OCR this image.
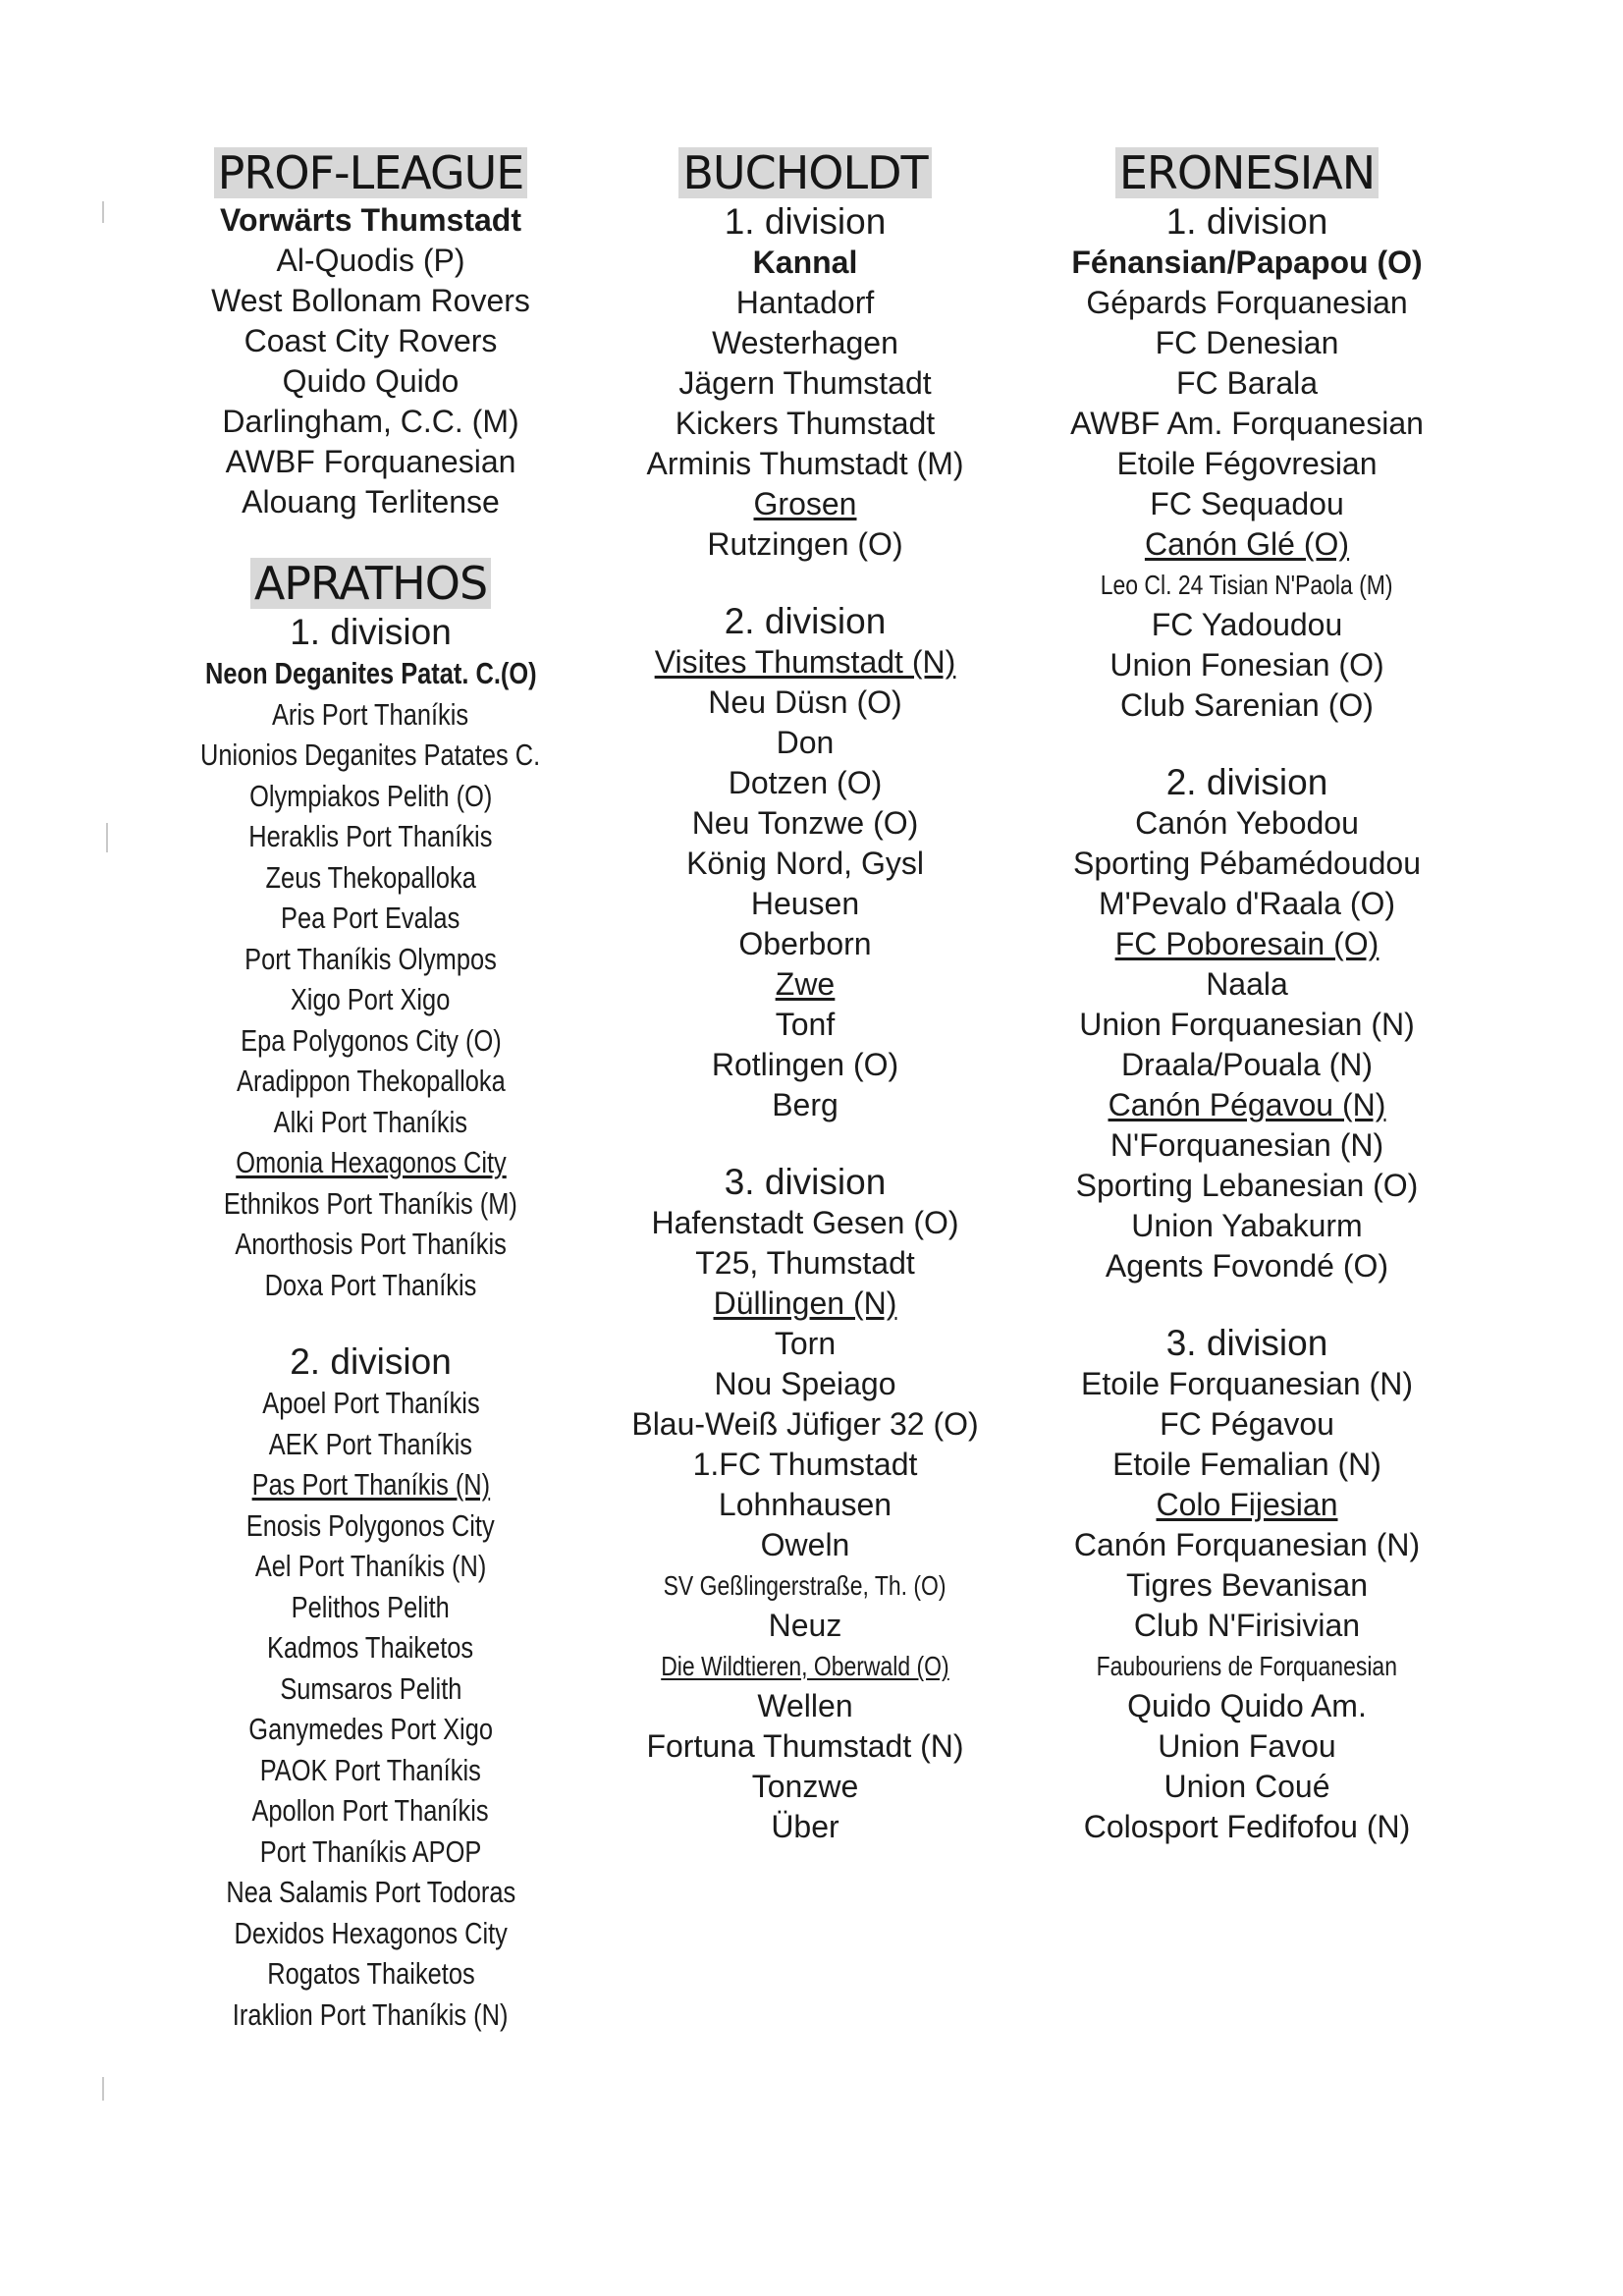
PROF-LEAGUE
Vorwärts Thumstadt
Al-Quodis (P)
West Bollonam Rovers
Coast City Rovers
Quido Quido
Darlingham, C.C. (M)
AWBF Forquanesian
Alouang Terlitense
APRATHOS
1. division
Neon Deganites Patat. C.(O)
Aris Port Thaníkis
Unionios Deganites Patates C.
Olympiakos Pelith (O)
Heraklis Port Thaníkis
Zeus Thekopalloka
Pea Port Evalas
Port Thaníkis Olympos
Xigo Port Xigo
Epa Polygonos City (O)
Aradippon Thekopalloka
Alki Port Thaníkis
Omonia Hexagonos City
Ethnikos Port Thaníkis (M)
Anorthosis Port Thaníkis
Doxa Port Thaníkis
2. division
Apoel Port Thaníkis
AEK Port Thaníkis
Pas Port Thaníkis (N)
Enosis Polygonos City
Ael Port Thaníkis (N)
Pelithos Pelith
Kadmos Thaiketos
Sumsaros Pelith
Ganymedes Port Xigo
PAOK Port Thaníkis
Apollon Port Thaníkis
Port Thaníkis APOP
Nea Salamis Port Todoras
Dexidos Hexagonos City
Rogatos Thaiketos
Iraklion Port Thaníkis (N)
BUCHOLDT
1. division
Kannal
Hantadorf
Westerhagen
Jägern Thumstadt
Kickers Thumstadt
Arminis Thumstadt (M)
Grosen
Rutzingen (O)
2. division
Visites Thumstadt (N)
Neu Düsn (O)
Don
Dotzen (O)
Neu Tonzwe (O)
König Nord, Gysl
Heusen
Oberborn
Zwe
Tonf
Rotlingen (O)
Berg
3. division
Hafenstadt Gesen (O)
T25, Thumstadt
Düllingen (N)
Torn
Nou Speiago
Blau-Weiß Jüfiger 32 (O)
1.FC Thumstadt
Lohnhausen
Oweln
SV Geßlingerstraße, Th. (O)
Neuz
Die Wildtieren, Oberwald (O)
Wellen
Fortuna Thumstadt (N)
Tonzwe
Über
ERONESIAN
1. division
Fénansian/Papapou (O)
Gépards Forquanesian
FC Denesian
FC Barala
AWBF Am. Forquanesian
Etoile Fégovresian
FC Sequadou
Canón Glé (O)
Leo Cl. 24 Tisian N'Paola (M)
FC Yadoudou
Union Fonesian (O)
Club Sarenian (O)
2. division
Canón Yebodou
Sporting Pébamédoudou
M'Pevalo d'Raala (O)
FC Poboresain (O)
Naala
Union Forquanesian (N)
Draala/Pouala (N)
Canón Pégavou (N)
N'Forquanesian (N)
Sporting Lebanesian (O)
Union Yabakurm
Agents Fovondé (O)
3. division
Etoile Forquanesian (N)
FC Pégavou
Etoile Femalian (N)
Colo Fijesian
Canón Forquanesian (N)
Tigres Bevanisan
Club N'Firisivian
Faubouriens de Forquanesian
Quido Quido Am.
Union Favou
Union Coué
Colosport Fedifofou (N)
